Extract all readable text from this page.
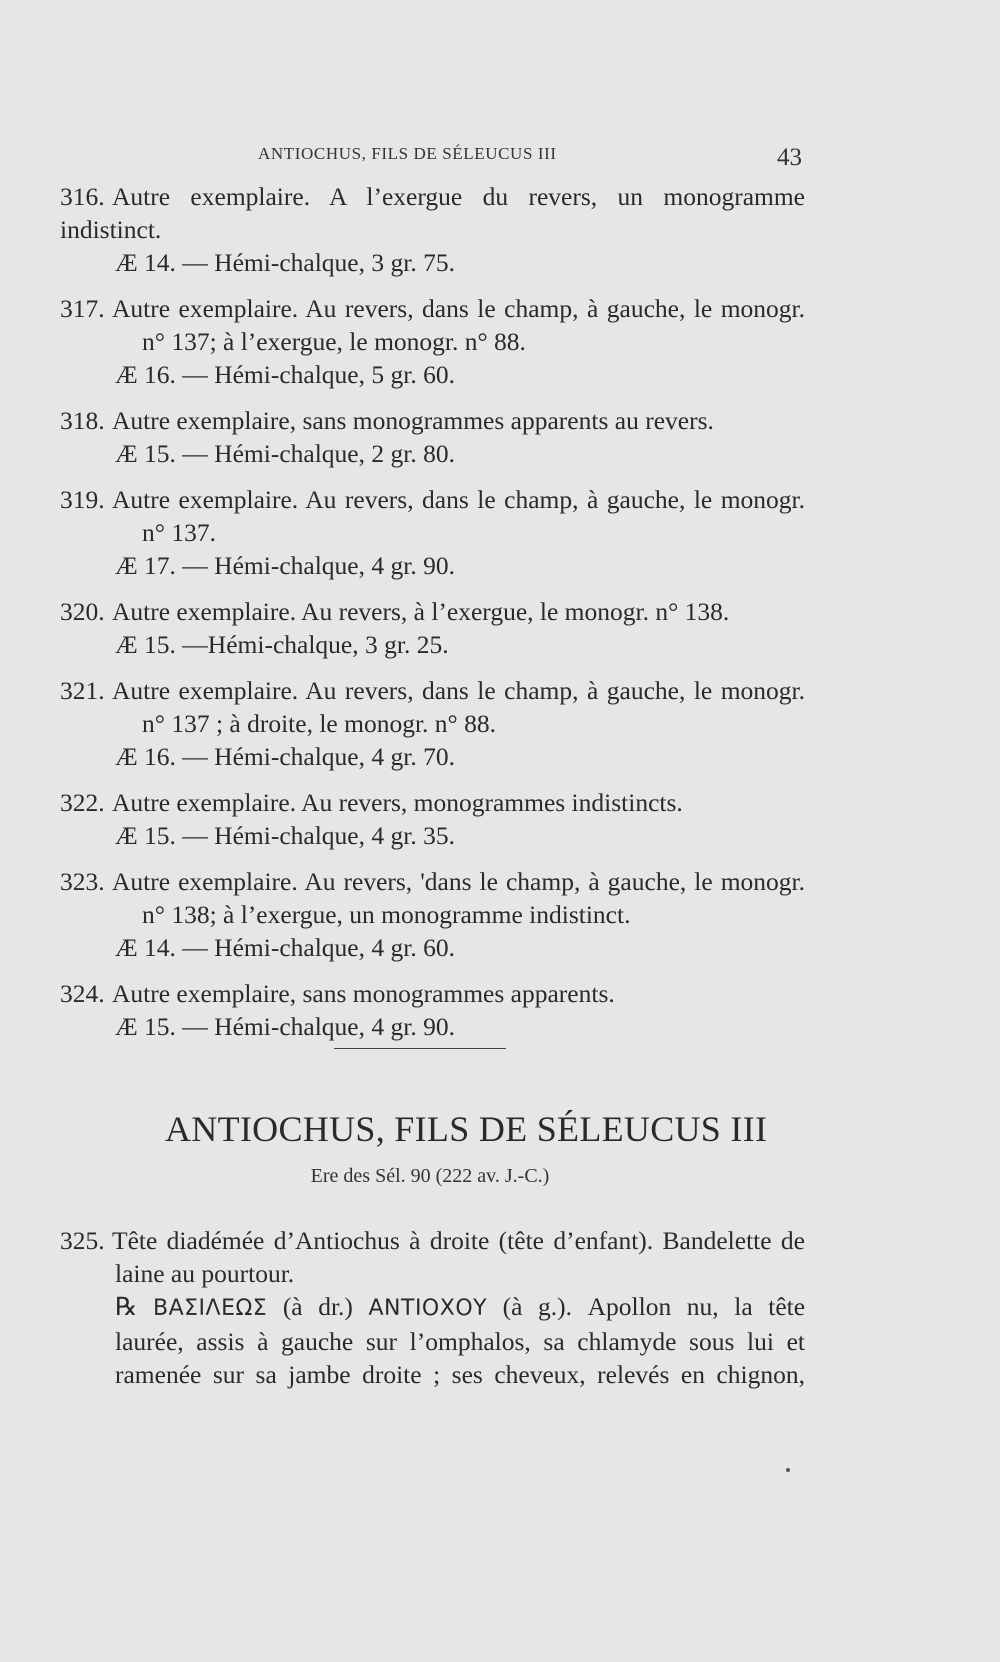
ANTIOCHUS, FILS DE SÉLEUCUS III	43
316. Autre exemplaire. A l’exergue du revers, un monogramme indistinct.
Æ 14. — Hémi-chalque, 3 gr. 75.
317. Autre exemplaire. Au revers, dans le champ, à gauche, le monogr.
n° 137; à l’exergue, le monogr. n° 88.
Æ 16. — Hémi-chalque, 5 gr. 60.
318. Autre exemplaire, sans monogrammes apparents au revers.
Æ 15. — Hémi-chalque, 2 gr. 80.
319. Autre exemplaire. Au revers, dans le champ, à gauche, le monogr.
n° 137.
Æ 17. — Hémi-chalque, 4 gr. 90.
320. Autre exemplaire. Au revers, à l’exergue, le monogr. n° 138.
Æ 15. —Hémi-chalque, 3 gr. 25.
321. Autre exemplaire. Au revers, dans le champ, à gauche, le monogr.
n° 137 ; à droite, le monogr. n° 88.
Æ 16. — Hémi-chalque, 4 gr. 70.
322. Autre exemplaire. Au revers, monogrammes indistincts.
Æ 15. — Hémi-chalque, 4 gr. 35.
323. Autre exemplaire. Au revers, 'dans le champ, à gauche, le monogr.
n° 138; à l’exergue, un monogramme indistinct.
Æ 14. — Hémi-chalque, 4 gr. 60.
324. Autre exemplaire, sans monogrammes apparents.
Æ 15. — Hémi-chalque, 4 gr. 90.
ANTIOCHUS, FILS DE SÉLEUCUS III
Ere des Sél. 90 (222 av. J.-C.)
325. Tête diadémée d’Antiochus à droite (tête d’enfant). Bandelette de
laine au pourtour.
℞ ΒΑΣΙΛΕΩΣ (à dr.) ΑΝΤΙΟΧΟΥ (à g.). Apollon nu, la tête
laurée, assis à gauche sur l’omphalos, sa chlamyde sous lui et
ramenée sur sa jambe droite ; ses cheveux, relevés en chignon,
